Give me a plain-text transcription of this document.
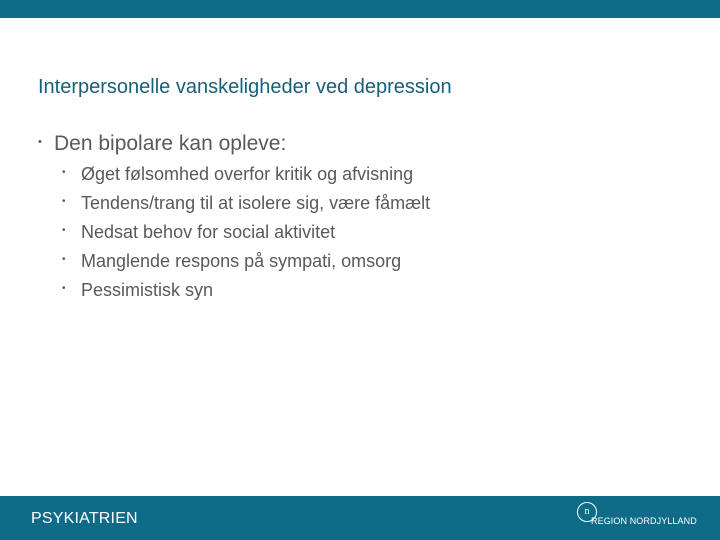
Interpersonelle vanskeligheder ved depression
• Den bipolare kan opleve:
• Øget følsomhed overfor kritik og afvisning
• Tendens/trang til at isolere sig, være fåmælt
• Nedsat behov for social aktivitet
• Manglende respons på sympati, omsorg
• Pessimistisk syn
PSYKIATRIEN	n
REGION NORDJYLLAND
